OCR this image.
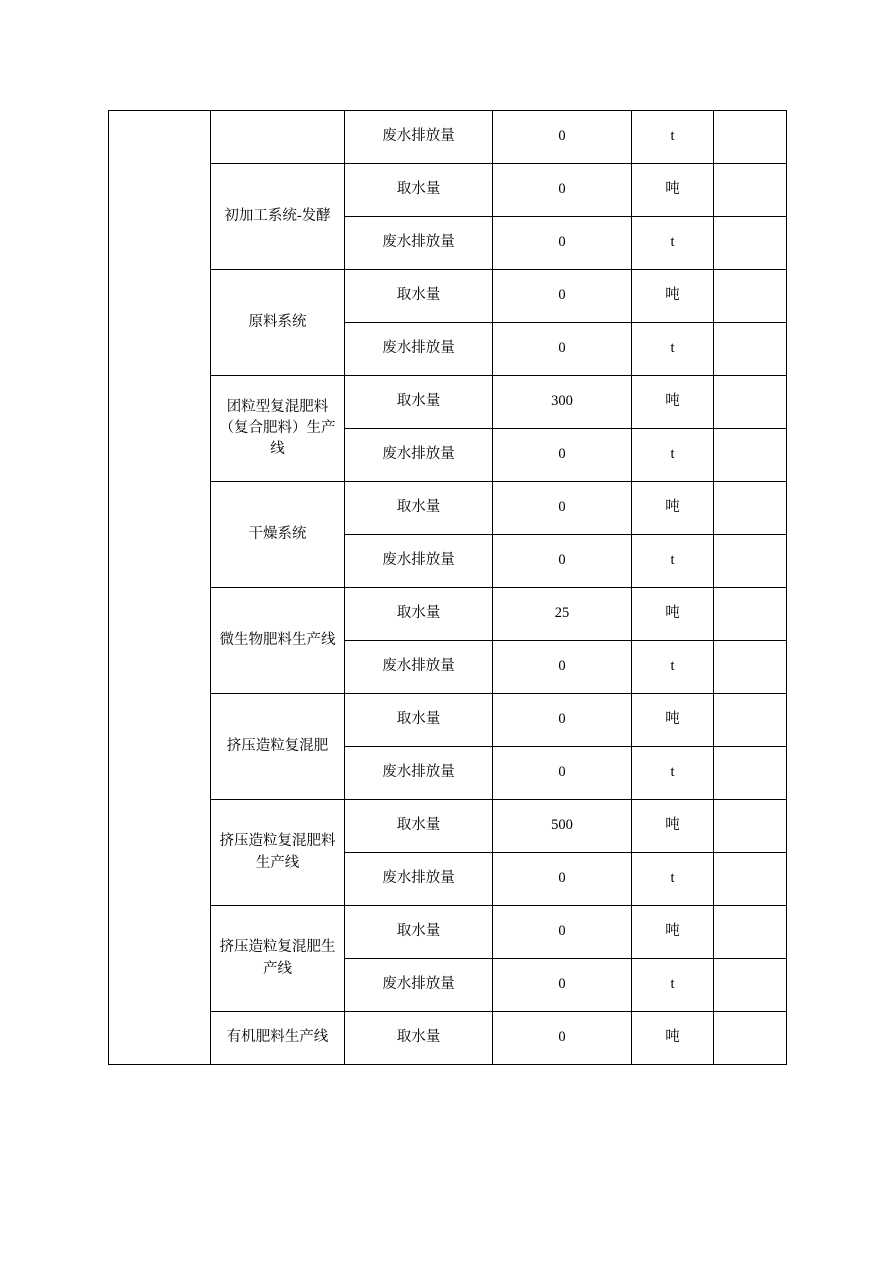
		废水排放量	0	t	
	初加工系统-发酵	取水量	0	吨	
		废水排放量	0	t	
	原料系统	取水量	0	吨	
		废水排放量	0	t	
	团粒型复混肥料（复合肥料）生产线	取水量	300	吨	
		废水排放量	0	t	
	干燥系统	取水量	0	吨	
		废水排放量	0	t	
	微生物肥料生产线	取水量	25	吨	
		废水排放量	0	t	
	挤压造粒复混肥	取水量	0	吨	
		废水排放量	0	t	
	挤压造粒复混肥料生产线	取水量	500	吨	
		废水排放量	0	t	
	挤压造粒复混肥生产线	取水量	0	吨	
		废水排放量	0	t	
	有机肥料生产线	取水量	0	吨	
